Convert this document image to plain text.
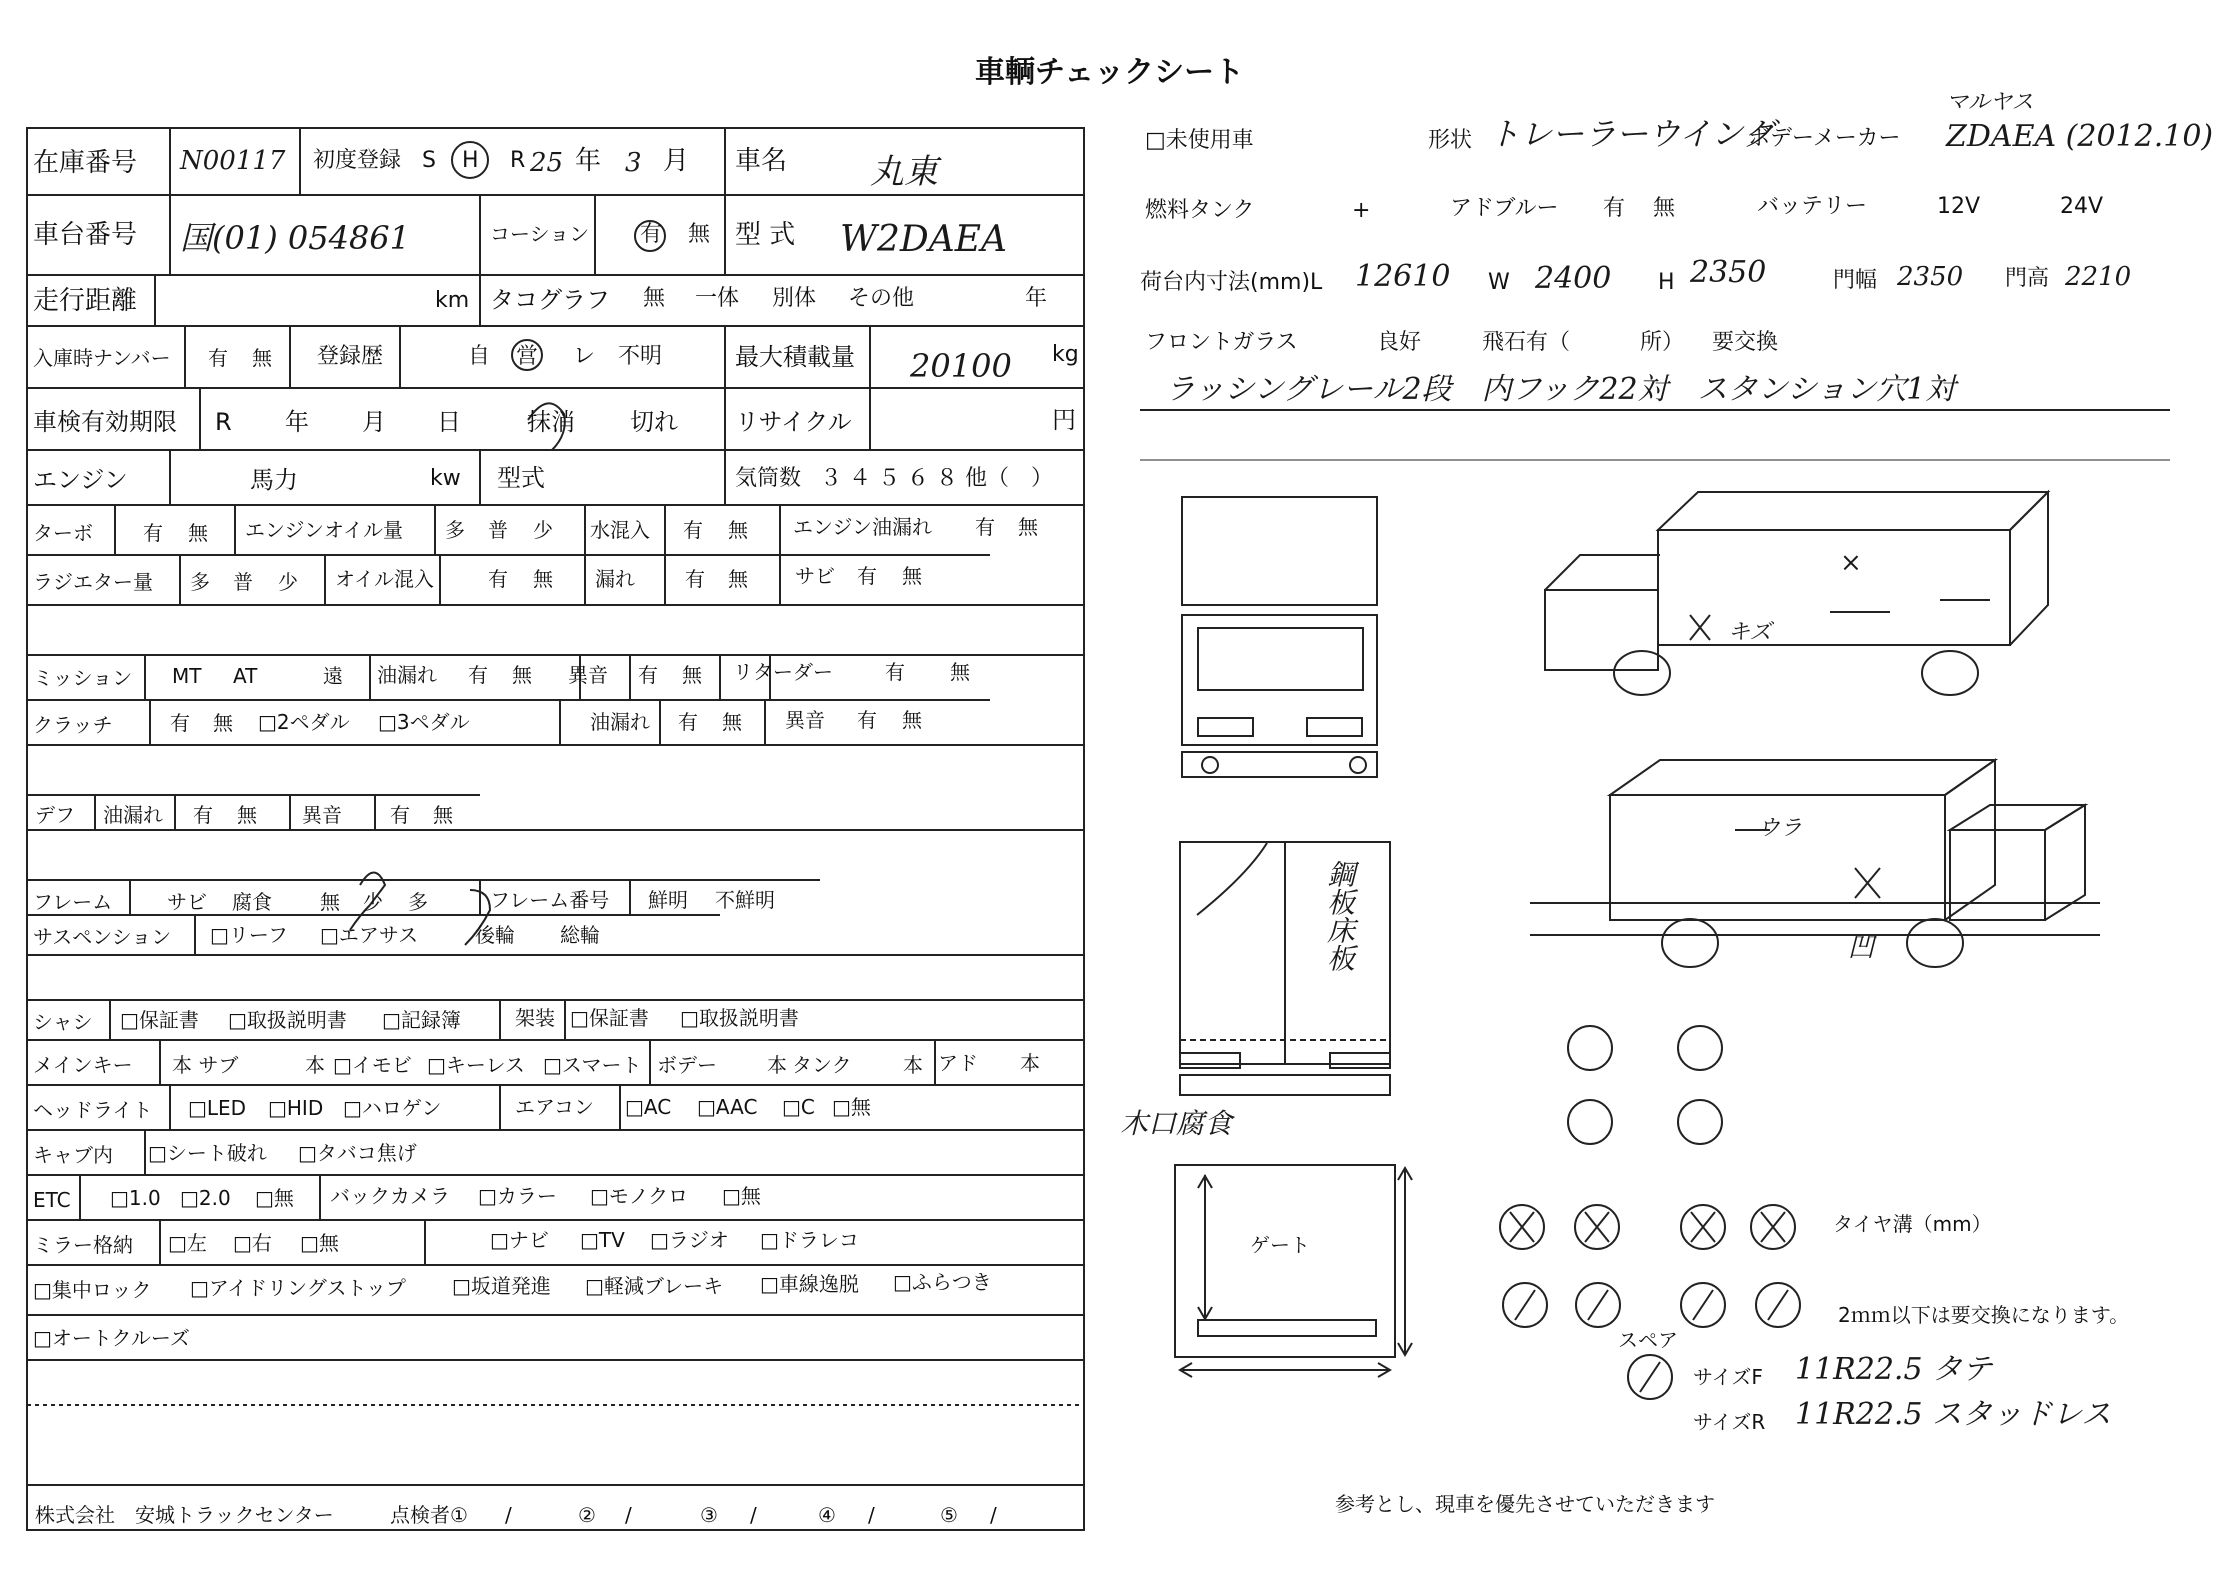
車輌チェックシート
在庫番号 N00117 初度登録 S H R 25 年 3 月 車名 丸東
車台番号 国(01) 054861	コーション 有 無 型 式 W2DAEA
走行距離	km タコグラフ 無 一体 別体 その他	年
入庫時ナンバー 有 無 登録歴	自 営 レ 不明	最大積載量 20100 kg
車検有効期限 R 年 月 日	抹消 切れ リサイクル	円
エンジン	馬力	kw 型式	気筒数 ３ ４ ５ ６ ８ 他（　）
ターボ	有 無 エンジンオイル量 多 普 少 水混入 有 無 エンジン油漏れ 有 無
ラジエター量 多 普 少 オイル混入	有 無 漏れ	有 無 サビ 有 無
ミッション MT AT	遠 油漏れ 有 無 異音 有 無 リターダー	有 無
クラッチ	有 無 □2ペダル □3ペダル	油漏れ 有 無 異音 有 無
デフ 油漏れ 有 無 異音 有 無
フレーム	サビ 腐食 無 少 多	フレーム番号 鮮明 不鮮明
サスペンション □リーフ □エアサス	後輪 総輪
シャシ □保証書 □取扱説明書 □記録簿	架装 □保証書 □取扱説明書
メインキー 本 サブ	本 □イモビ □キーレス □スマート ボデー	本 タンク	本 アド 本
ヘッドライト □LED □HID □ハロゲン	エアコン □AC □AAC □C □無
キャブ内 □シート破れ □タバコ焦げ
ETC □1.0 □2.0 □無 バックカメラ □カラー □モノクロ □無
ミラー格納 □左 □右 □無	□ナビ □TV □ラジオ □ドラレコ
□集中ロック □アイドリングストップ □坂道発進 □軽減ブレーキ □車線逸脱 □ふらつき
□オートクルーズ
株式会社　安城トラックセンター	点検者① /	② /	③ /	④ /	⑤ /
□未使用車	形状 トレーラーウイング
ボデーメーカー
マルヤス
ZDAEA (2012.10)
燃料タンク	+	アドブルー 有 無	バッテリー	12V	24V
荷台内寸法(mm)L 12610 W 2400 H 2350	門幅 2350 門高 2210
フロントガラス	良好	飛石有（	所） 要交換
ラッシングレール2段　内フック22対　スタンション穴1対
鋼板床板
木口腐食
ウラ
キズ
×
凹
ゲート
タイヤ溝（mm）
2ｍｍ以下は要交換になります。
スペア
サイズF 11R22.5 タテ
サイズR 11R22.5 スタッドレス
参考とし、現車を優先させていただきます
